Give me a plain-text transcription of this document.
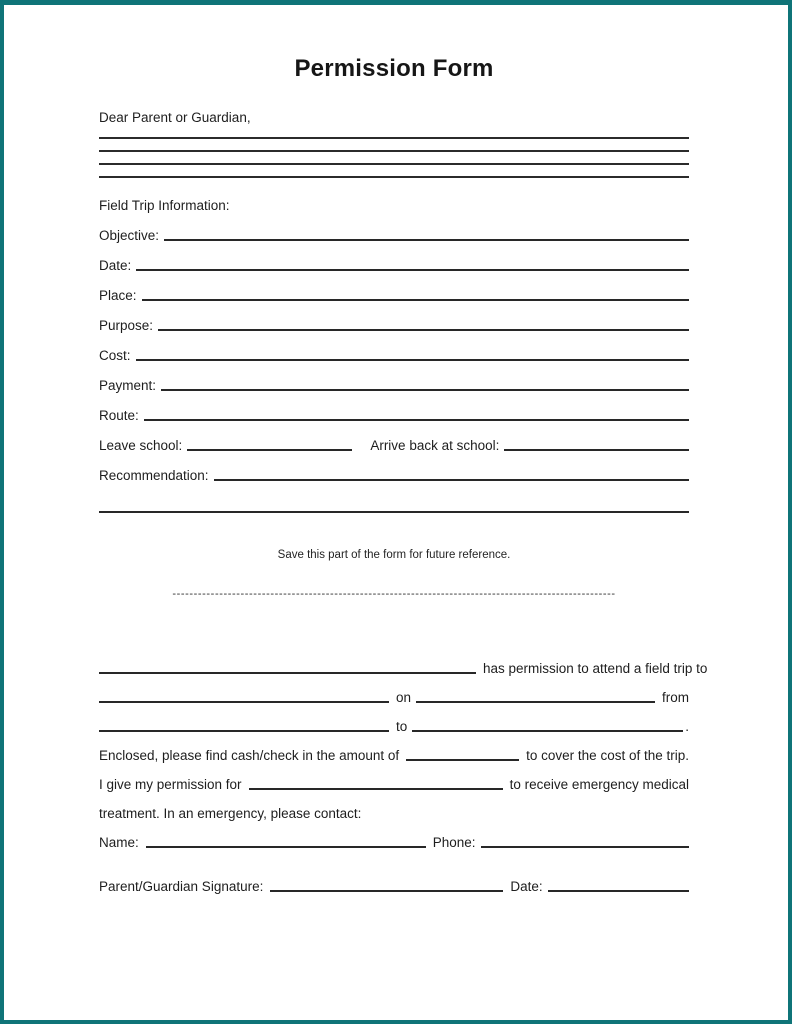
Permission Form
Dear Parent or Guardian,
Field Trip Information:
Objective:
Date:
Place:
Purpose:
Cost:
Payment:
Route:
Leave school:	Arrive back at school:
Recommendation:
Save this part of the form for future reference.
--------------------------------------------------------------------------------------------------------
has permission to attend a field trip to
on	from
to	.
Enclosed, please find cash/check in the amount of	to cover the cost of the trip.
I give my permission for	to receive emergency medical
treatment. In an emergency, please contact:
Name:	Phone:
Parent/Guardian Signature:	Date:
